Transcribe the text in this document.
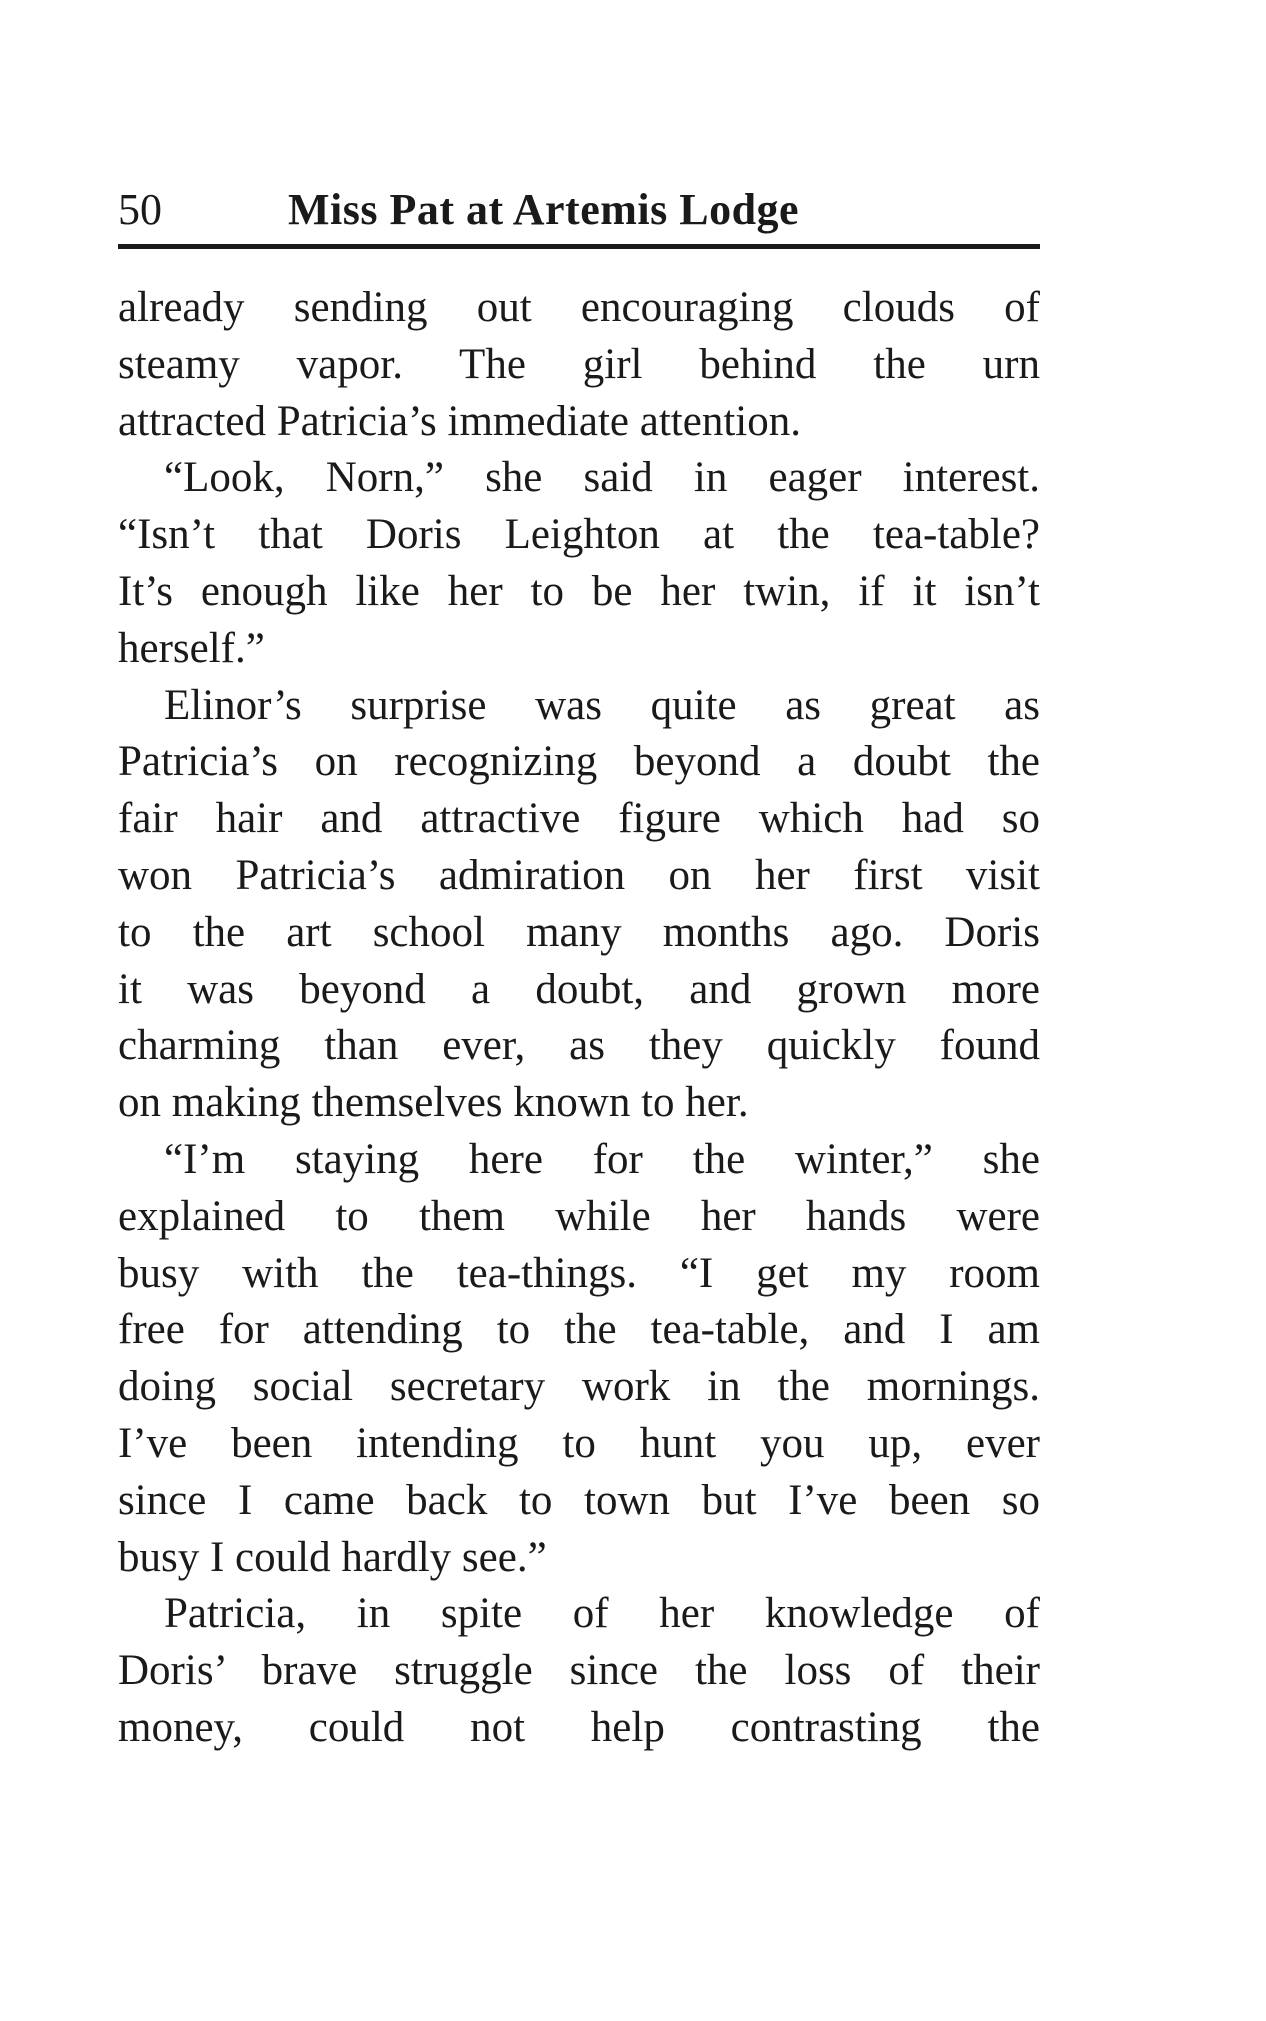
50	Miss Pat at Artemis Lodge
already sending out encouraging clouds of
steamy vapor. The girl behind the urn
attracted Patricia’s immediate attention.
“Look, Norn,” she said in eager interest.
“Isn’t that Doris Leighton at the tea-table?
It’s enough like her to be her twin, if it isn’t
herself.”
Elinor’s surprise was quite as great as
Patricia’s on recognizing beyond a doubt the
fair hair and attractive figure which had so
won Patricia’s admiration on her first visit
to the art school many months ago. Doris
it was beyond a doubt, and grown more
charming than ever, as they quickly found
on making themselves known to her.
“I’m staying here for the winter,” she
explained to them while her hands were
busy with the tea-things. “I get my room
free for attending to the tea-table, and I am
doing social secretary work in the mornings.
I’ve been intending to hunt you up, ever
since I came back to town but I’ve been so
busy I could hardly see.”
Patricia, in spite of her knowledge of
Doris’ brave struggle since the loss of their
money, could not help contrasting the
